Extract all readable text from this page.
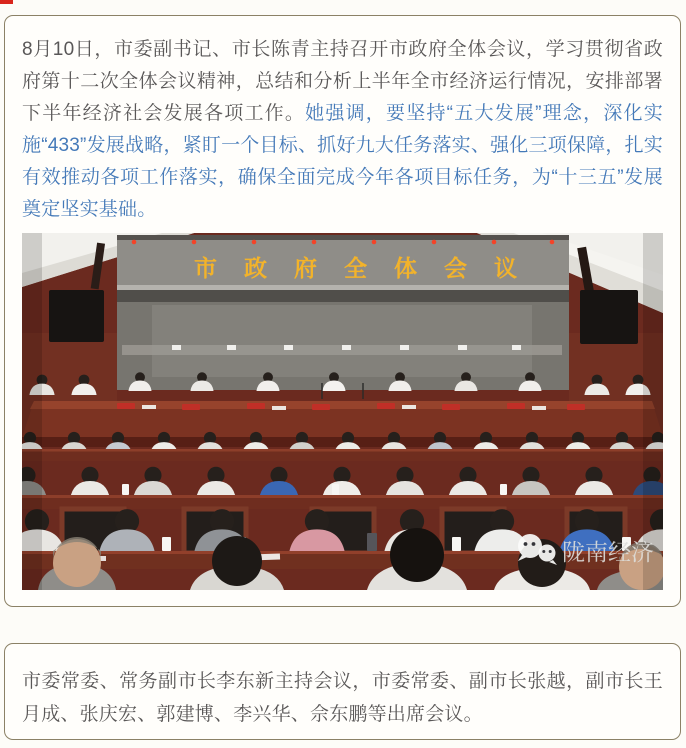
8月10日，市委副书记、市长陈青主持召开市政府全体会议，学习贯彻省政府第十二次全体会议精神，总结和分析上半年全市经济运行情况，安排部署下半年经济社会发展各项工作。她强调，要坚持“五大发展”理念，深化实施“433”发展战略，紧盯一个目标、抓好九大任务落实、强化三项保障，扎实有效推动各项工作落实，确保全面完成今年各项目标任务，为“十三五”发展奠定坚实基础。

市政府全体会议
陇南经济

市委常委、常务副市长李东新主持会议，市委常委、副市长张越，副市长王月成、张庆宏、郭建博、李兴华、佘东鹏等出席会议。
